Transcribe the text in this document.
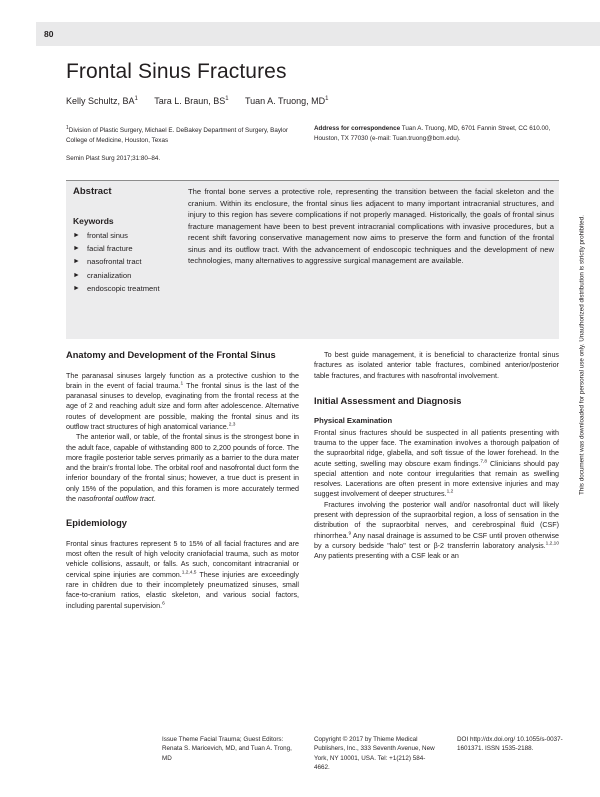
80
Frontal Sinus Fractures
Kelly Schultz, $BA^1$ Tara L. Braun, $BS^1$ Tuan A. Truong, $MD^1$
$^1$Division of Plastic Surgery, Michael E. DeBakey Department of Surgery, Baylor College of Medicine, Houston, Texas
Address for correspondence Tuan A. Truong, MD, 6701 Fannin Street, CC 610.00, Houston, TX 77030 (e-mail: Tuan.truong@bcm.edu).
Semin Plast Surg 2017;31:80–84.
Abstract
Keywords
► frontal sinus
► facial fracture
► nasofrontal tract
► cranialization
► endoscopic treatment
The frontal bone serves a protective role, representing the transition between the facial skeleton and the cranium. Within its enclosure, the frontal sinus lies adjacent to many important intracranial structures, and injury to this region has severe complications if not properly managed. Historically, the goals of frontal sinus fracture management have been to best prevent intracranial complications with invasive procedures, but a recent shift favoring conservative management now aims to preserve the form and function of the frontal sinus and its outflow tract. With the advancement of endoscopic techniques and the development of new technologies, many alternatives to aggressive surgical management are available.
Anatomy and Development of the Frontal Sinus

The paranasal sinuses largely function as a protective cushion to the brain in the event of facial trauma.$^1$ The frontal sinus is the last of the paranasal sinuses to develop, evaginating from the frontal recess at the age of 2 and reaching adult size and form after adolescence. Alternative routes of development are possible, making the frontal sinus and its outflow tract structures of high anatomical variance.$^{2,3}$

The anterior wall, or table, of the frontal sinus is the strongest bone in the adult face, capable of withstanding 800 to 2,200 pounds of force. The more fragile posterior table serves primarily as a barrier to the dura mater and the brain's frontal lobe. The orbital roof and nasofrontal duct form the inferior boundary of the frontal sinus; however, a true duct is present in only 15% of the population, and this foramen is more accurately termed the nasofrontal outflow tract.

Epidemiology

Frontal sinus fractures represent 5 to 15% of all facial fractures and are most often the result of high velocity craniofacial trauma, such as motor vehicle collisions, assault, or falls. As such, concomitant intracranial or cervical spine injuries are common.$^{1,2,4,5}$ These injuries are exceedingly rare in children due to their incompletely pneumatized sinuses, small face-to-cranium ratios, elastic skeleton, and various social factors, including parental supervision.$^6$

To best guide management, it is beneficial to characterize frontal sinus fractures as isolated anterior table fractures, combined anterior/posterior table fractures, and fractures with nasofrontal involvement.

Initial Assessment and Diagnosis
Physical Examination

Frontal sinus fractures should be suspected in all patients presenting with trauma to the upper face. The examination involves a thorough palpation of the supraorbital ridge, glabella, and soft tissue of the lower forehead. In the acute setting, swelling may obscure exam findings.$^{7,8}$ Clinicians should pay special attention and note contour irregularities that remain as swelling resolves. Lacerations are often present in more extensive injuries and may suggest involvement of deeper structures.$^{1,2}$

Fractures involving the posterior wall and/or nasofrontal duct will likely present with depression of the supraorbital region, a loss of sensation in the distribution of the supraorbital nerves, and cerebrospinal fluid (CSF) rhinorrhea.$^9$ Any nasal drainage is assumed to be CSF until proven otherwise by a cursory bedside "halo" test or β-2 transferrin laboratory analysis.$^{1,2,10}$ Any patients presenting with a CSF leak or an

Issue Theme Facial Trauma; Guest Editors: Renata S. Maricevich, MD, and Tuan A. Trong, MD
Copyright © 2017 by Thieme Medical Publishers, Inc., 333 Seventh Avenue, New York, NY 10001, USA. Tel: +1(212) 584-4662.
DOI http://dx.doi.org/ 10.1055/s-0037-1601371. ISSN 1535-2188.
This document was downloaded for personal use only. Unauthorized distribution is strictly prohibited.
